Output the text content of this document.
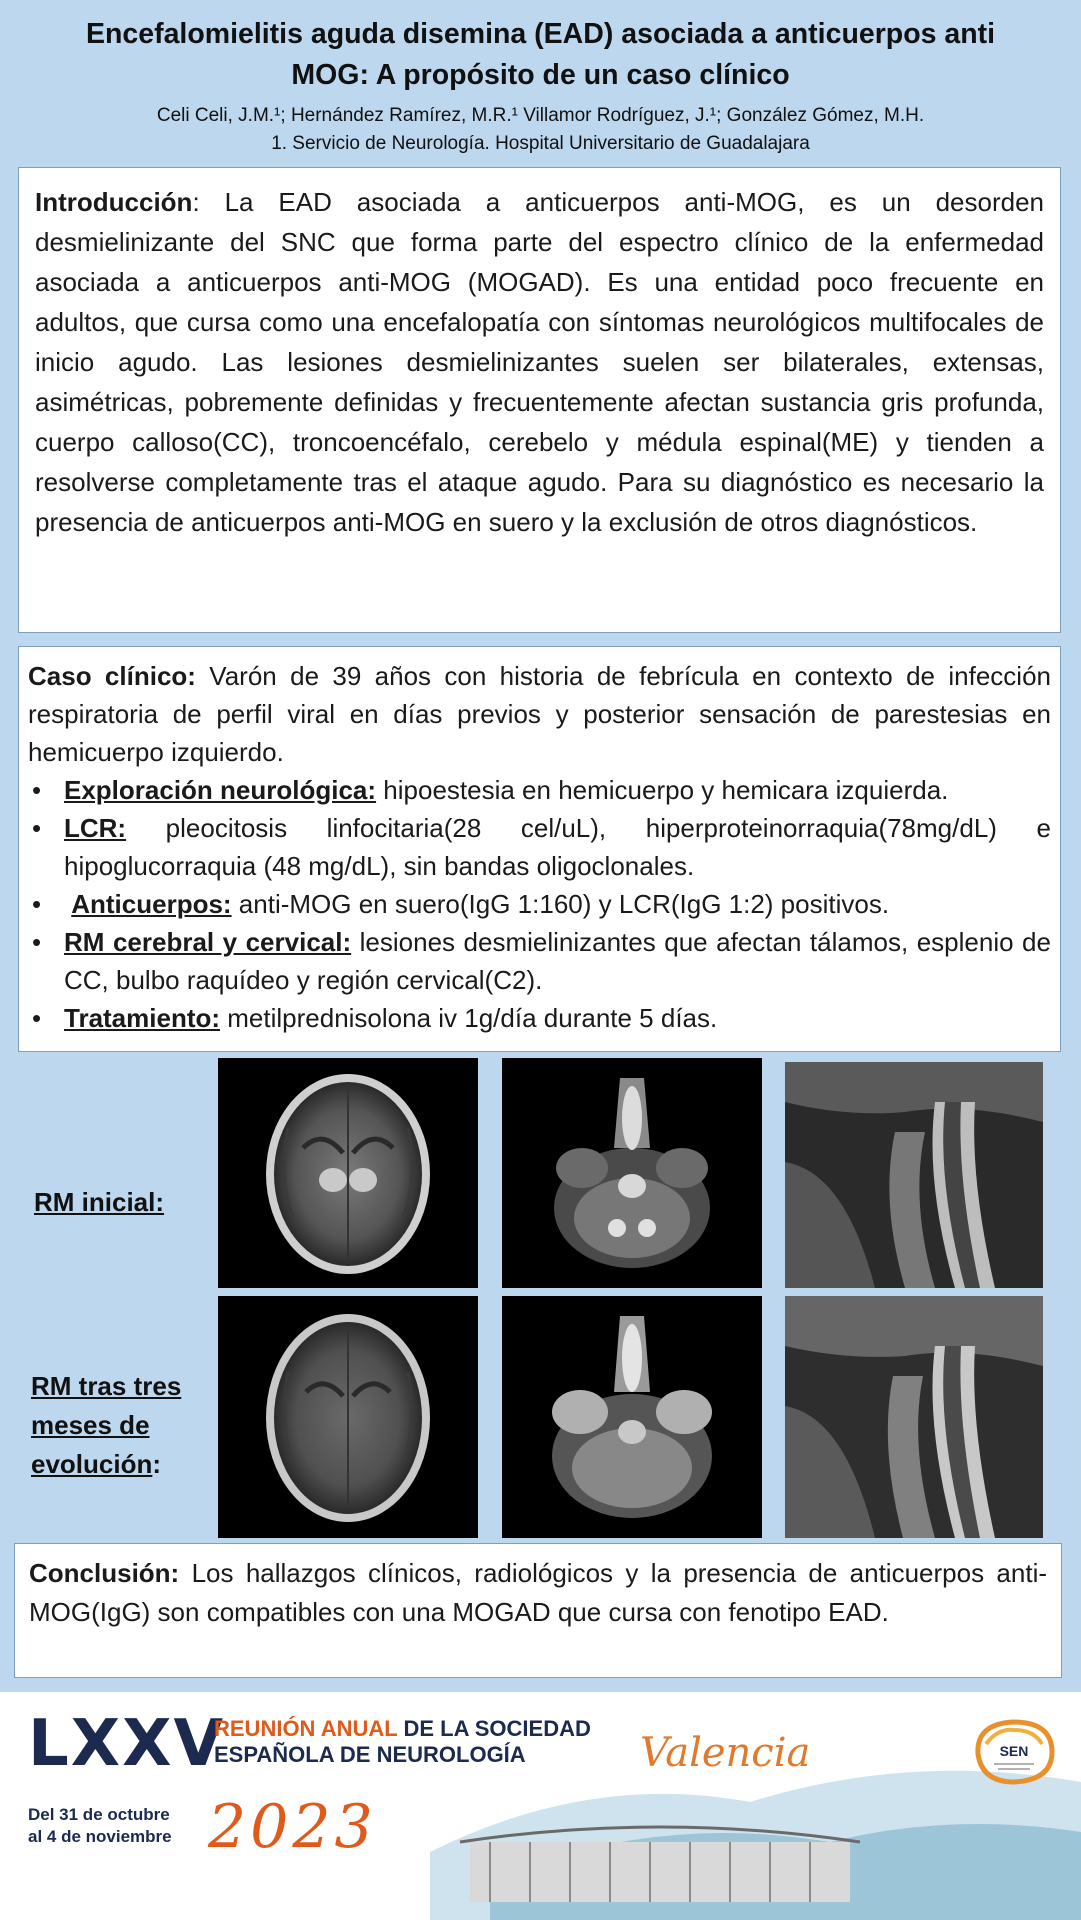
Encefalomielitis aguda disemina (EAD) asociada a anticuerpos anti
MOG: A propósito de un caso clínico
Celi Celi, J.M.¹; Hernández Ramírez, M.R.¹ Villamor Rodríguez, J.¹; González Gómez, M.H.
1. Servicio de Neurología. Hospital Universitario de Guadalajara

Introducción: La EAD asociada a anticuerpos anti-MOG, es un desorden desmielinizante del SNC que forma parte del espectro clínico de la enfermedad asociada a anticuerpos anti-MOG (MOGAD). Es una entidad poco frecuente en adultos, que cursa como una encefalopatía con síntomas neurológicos multifocales de inicio agudo. Las lesiones desmielinizantes suelen ser bilaterales, extensas, asimétricas, pobremente definidas y frecuentemente afectan sustancia gris profunda, cuerpo calloso(CC), troncoencéfalo, cerebelo y médula espinal(ME) y tienden a resolverse completamente tras el ataque agudo. Para su diagnóstico es necesario la presencia de anticuerpos anti-MOG en suero y la exclusión de otros diagnósticos.

Caso clínico: Varón de 39 años con historia de febrícula en contexto de infección respiratoria de perfil viral en días previos y posterior sensación de parestesias en hemicuerpo izquierdo.

• Exploración neurológica: hipoestesia en hemicuerpo y hemicara izquierda.
• LCR: pleocitosis linfocitaria(28 cel/uL), hiperproteinorraquia(78mg/dL) e hipoglucorraquia (48 mg/dL), sin bandas oligoclonales.
• Anticuerpos: anti-MOG en suero(IgG 1:160) y LCR(IgG 1:2) positivos.
• RM cerebral y cervical: lesiones desmielinizantes que afectan tálamos, esplenio de CC, bulbo raquídeo y región cervical(C2).
• Tratamiento: metilprednisolona iv 1g/día durante 5 días.
RM inicial:
RM tras tres
meses de
evolución:

Conclusión: Los hallazgos clínicos, radiológicos y la presencia de anticuerpos anti-MOG(IgG) son compatibles con una MOGAD que cursa con fenotipo EAD.

LXXV
REUNIÓN ANUAL DE LA SOCIEDAD
ESPAÑOLA DE NEUROLOGÍA
Del 31 de octubre
al 4 de noviembre 2023
Valencia	SEN
